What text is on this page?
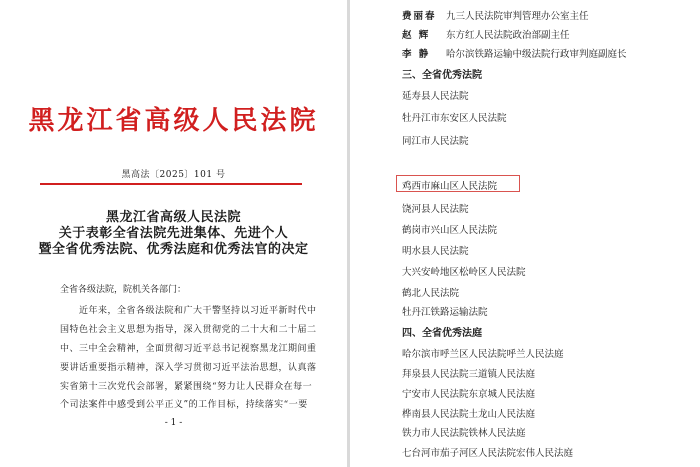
黑龙江省高级人民法院
黑高法〔2025〕101 号
黑龙江省高级人民法院
关于表彰全省法院先进集体、先进个人
暨全省优秀法院、优秀法庭和优秀法官的决定
全省各级法院，院机关各部门：
近年来，全省各级法院和广大干警坚持以习近平新时代中
国特色社会主义思想为指导，深入贯彻党的二十大和二十届二
中、三中全会精神，全面贯彻习近平总书记视察黑龙江期间重
要讲话重要指示精神，深入学习贯彻习近平法治思想，认真落
实省第十三次党代会部署，紧紧围绕“努力让人民群众在每一
个司法案件中感受到公平正义”的工作目标，持续落实“一要
- 1 -
费丽春 九三人民法院审判管理办公室主任
赵 辉 东方红人民法院政治部副主任
李 静 哈尔滨铁路运输中级法院行政审判庭副庭长
三、全省优秀法院
延寿县人民法院
牡丹江市东安区人民法院
同江市人民法院
鸡西市麻山区人民法院
饶河县人民法院
鹤岗市兴山区人民法院
明水县人民法院
大兴安岭地区松岭区人民法院
鹤北人民法院
牡丹江铁路运输法院
四、全省优秀法庭
哈尔滨市呼兰区人民法院呼兰人民法庭
拜泉县人民法院三道镇人民法庭
宁安市人民法院东京城人民法庭
桦南县人民法院土龙山人民法庭
铁力市人民法院铁林人民法庭
七台河市茄子河区人民法院宏伟人民法庭
